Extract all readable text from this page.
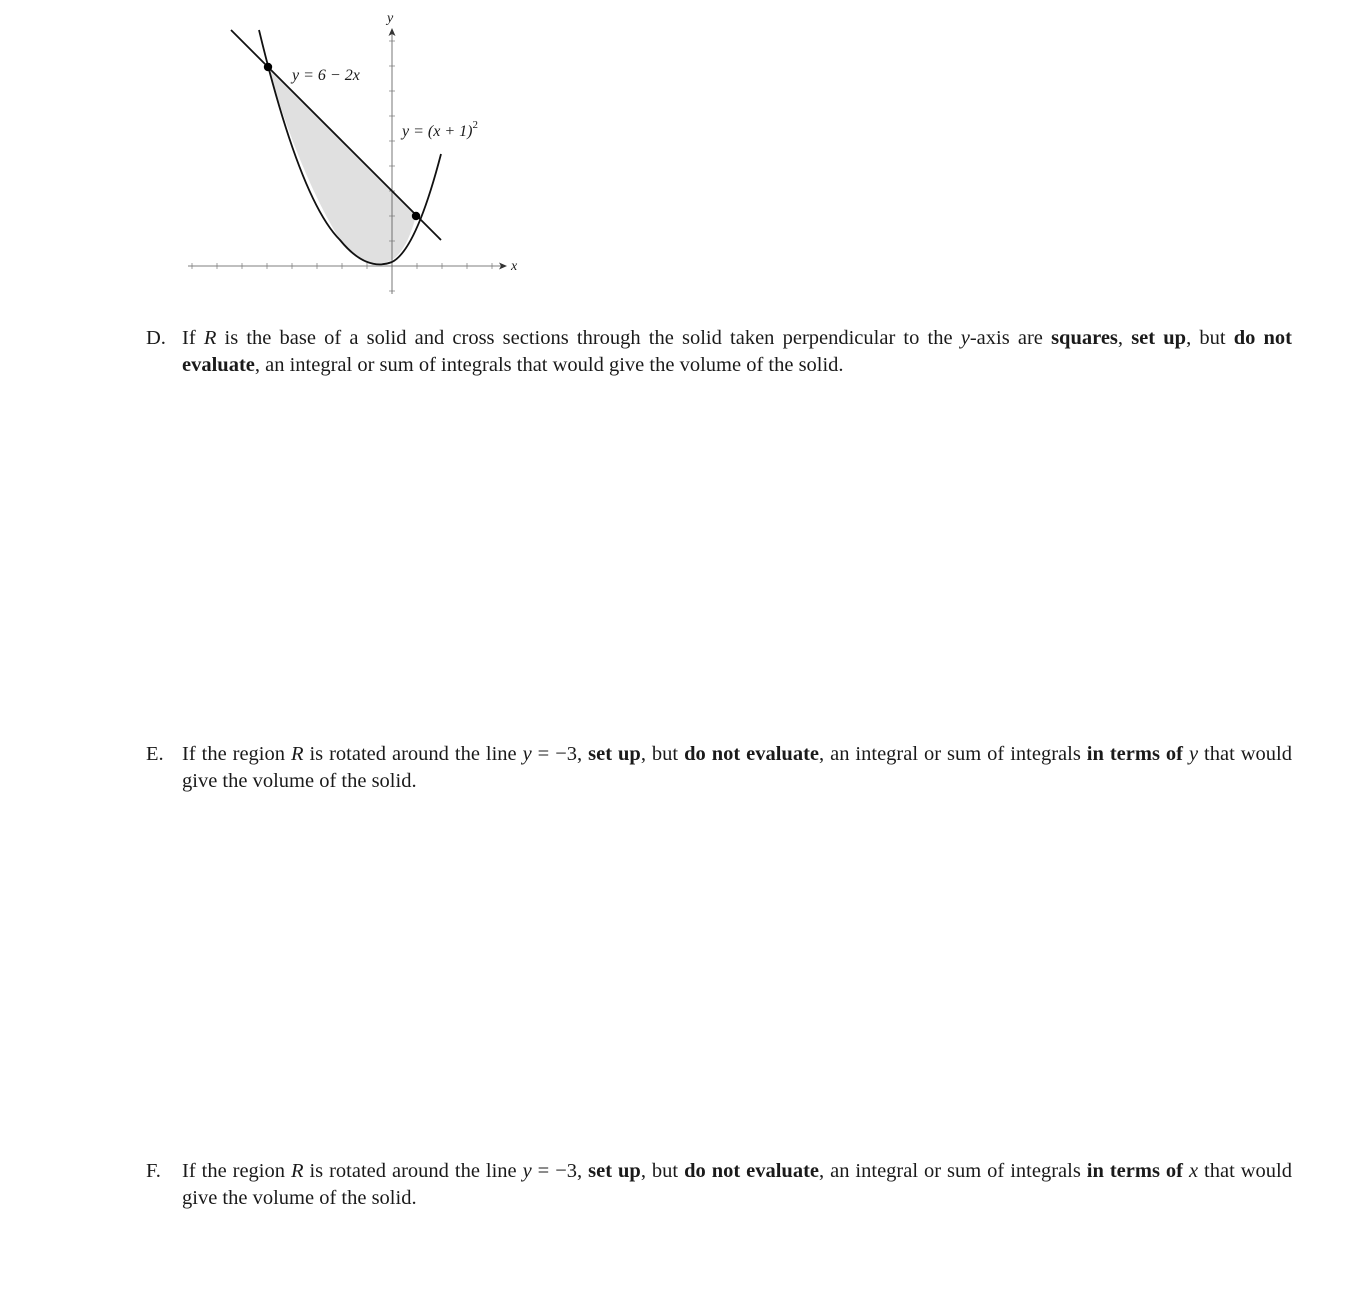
x
y
y = 6 − 2x
$y = (x + 1)^2$
D. If R is the base of a solid and cross sections through the solid taken perpendicular to the y-axis are squares, set up, but do not evaluate, an integral or sum of integrals that would give the volume of the solid.
E. If the region R is rotated around the line y = −3, set up, but do not evaluate, an integral or sum of integrals in terms of y that would give the volume of the solid.
F. If the region R is rotated around the line y = −3, set up, but do not evaluate, an integral or sum of integrals in terms of x that would give the volume of the solid.
